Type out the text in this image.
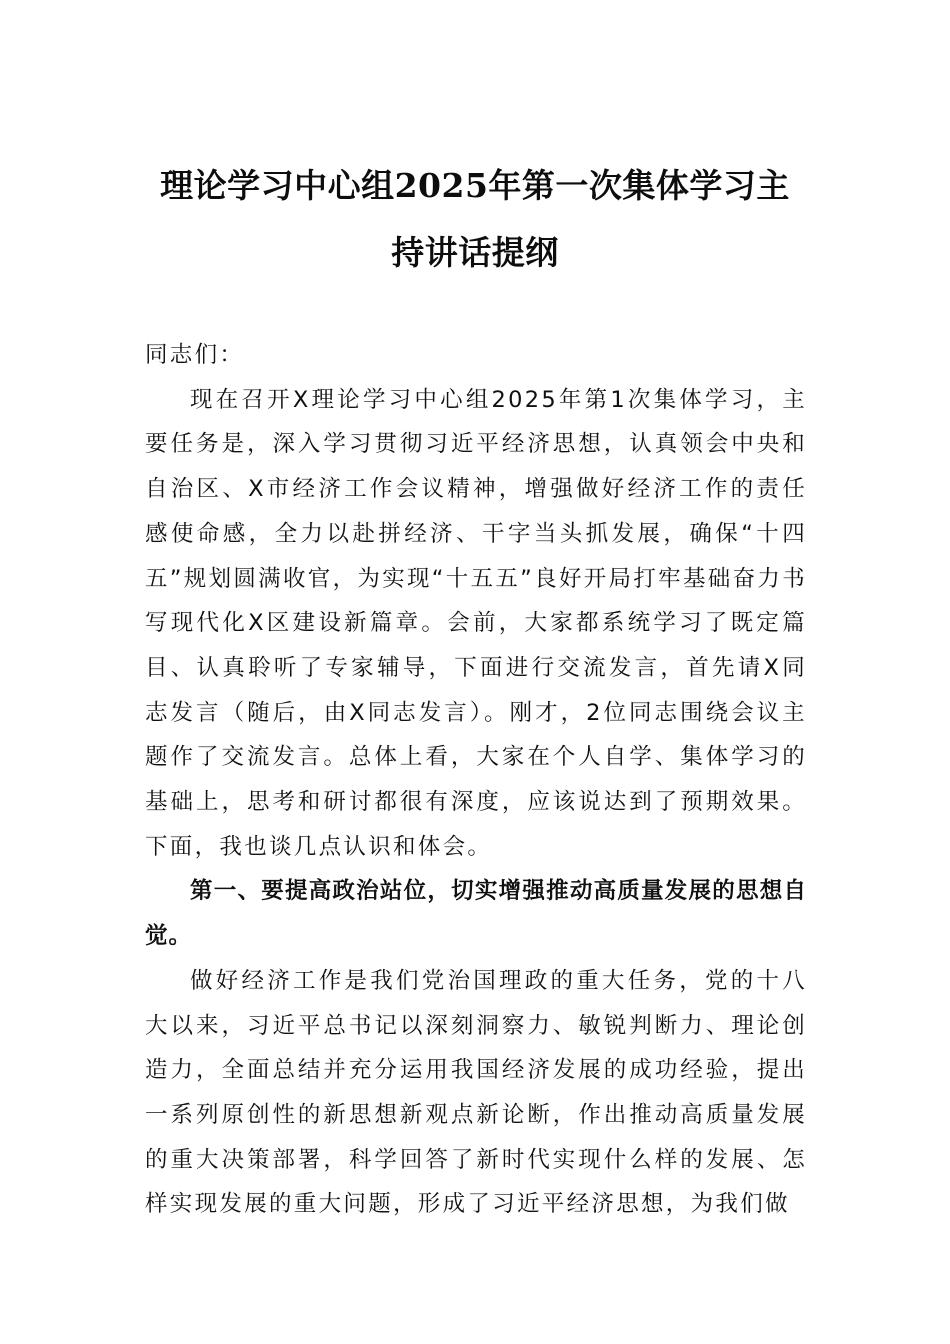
理论学习中心组2025年第一次集体学习主
持讲话提纲

同志们：

现在召开X理论学习中心组2025年第1次集体学习，主要任务是，深入学习贯彻习近平经济思想，认真领会中央和自治区、X市经济工作会议精神，增强做好经济工作的责任感使命感，全力以赴拼经济、干字当头抓发展，确保“十四五”规划圆满收官，为实现“十五五”良好开局打牢基础奋力书写现代化X区建设新篇章。会前，大家都系统学习了既定篇目、认真聆听了专家辅导，下面进行交流发言，首先请X同志发言（随后，由X同志发言）。刚才，2位同志围绕会议主题作了交流发言。总体上看，大家在个人自学、集体学习的基础上，思考和研讨都很有深度，应该说达到了预期效果。下面，我也谈几点认识和体会。

第一、要提高政治站位，切实增强推动高质量发展的思想自觉。

做好经济工作是我们党治国理政的重大任务，党的十八大以来，习近平总书记以深刻洞察力、敏锐判断力、理论创造力，全面总结并充分运用我国经济发展的成功经验，提出一系列原创性的新思想新观点新论断，作出推动高质量发展的重大决策部署，科学回答了新时代实现什么样的发展、怎样实现发展的重大问题，形成了习近平经济思想，为我们做
